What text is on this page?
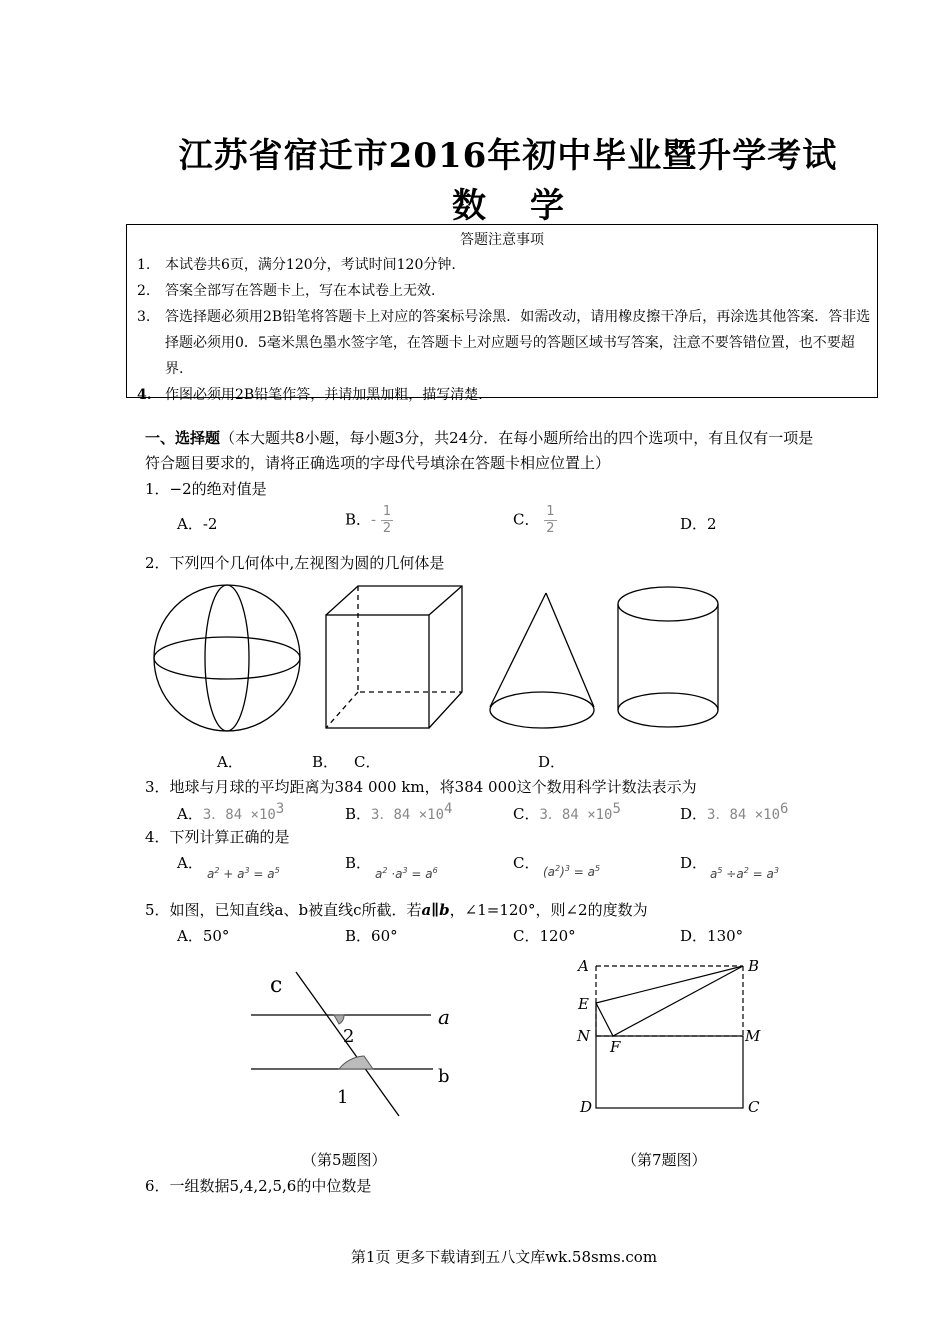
江苏省宿迁市2016年初中毕业暨升学考试
数 学
答题注意事项
1. 本试卷共6页，满分120分，考试时间120分钟.
2. 答案全部写在答题卡上，写在本试卷上无效.
3. 答选择题必须用2B铅笔将答题卡上对应的答案标号涂黑．如需改动，请用橡皮擦干净后，再涂选其他答案．答非选择题必须用0．5毫米黑色墨水签字笔，在答题卡上对应题号的答题区域书写答案，注意不要答错位置，也不要超界.
4. 作图必须用2B铅笔作答，并请加黑加粗，描写清楚.
一、选择题（本大题共8小题，每小题3分，共24分．在每小题所给出的四个选项中，有且仅有一项是
符合题目要求的，请将正确选项的字母代号填涂在答题卡相应位置上）
1．−2的绝对值是
A．-2	B．- $\frac{1}{2}$	C． $\frac{1}{2}$	D．2
2．下列四个几何体中,左视图为圆的几何体是
A．	B． C．	D．
3．地球与月球的平均距离为384 000 km，将384 000这个数用科学计数法表示为
A．3．$84 \times 10^3$	B．3．$84 \times 10^4$	C．3．$84 \times 10^5$	D．3．$84 \times 10^6$
4．下列计算正确的是
A．	B．	C．	D．
$a^2 + a^3 = a^5$	$a^2 \cdot a^3 = a^6$	$(a^2)^3 = a^5$	$a^5 \div a^2 = a^3$
5．如图，已知直线a、b被直线c所截．若a∥b，∠1=120°，则∠2的度数为
A．50°	B．60°	C．120°	D．130°
c
a
b
2
1
（第5题图）
A	B
E
N
F
M
D	C
（第7题图）
6．一组数据5,4,2,5,6的中位数是
第1页 更多下载请到五八文库wk.58sms.com
